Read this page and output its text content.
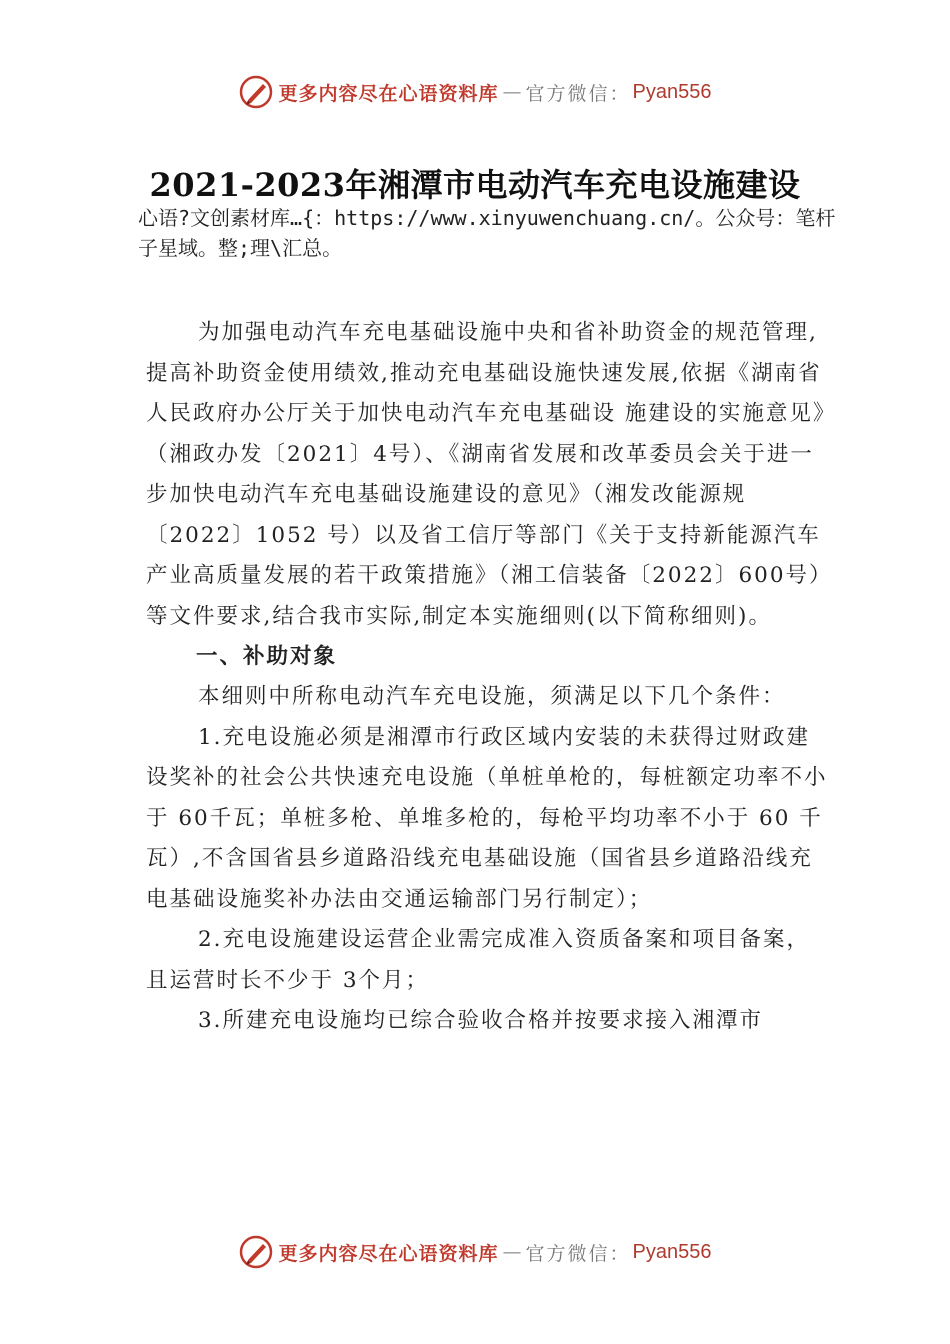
更多内容尽在心语资料库 — 官方微信： Pyan556
2021-2023年湘潭市电动汽车充电设施建设
心语?文创素材库…{：https://www.xinyuwenchuang.cn/。公众号：笔杆子星域。整;理\汇总。

为加强电动汽车充电基础设施中央和省补助资金的规范管理,提高补助资金使用绩效,推动充电基础设施快速发展,依据《湖南省人民政府办公厅关于加快电动汽车充电基础设 施建设的实施意见》（湘政办发〔2021〕4号）、《湖南省发展和改革委员会关于进一步加快电动汽车充电基础设施建设的意见》（湘发改能源规〔2022〕1052 号）以及省工信厅等部门《关于支持新能源汽车产业高质量发展的若干政策措施》（湘工信装备〔2022〕600号）等文件要求,结合我市实际,制定本实施细则(以下简称细则)。

一、补助对象

本细则中所称电动汽车充电设施，须满足以下几个条件：

1.充电设施必须是湘潭市行政区域内安装的未获得过财政建设奖补的社会公共快速充电设施（单桩单枪的，每桩额定功率不小于 60千瓦；单桩多枪、单堆多枪的，每枪平均功率不小于 60 千瓦）,不含国省县乡道路沿线充电基础设施（国省县乡道路沿线充电基础设施奖补办法由交通运输部门另行制定）；

2.充电设施建设运营企业需完成准入资质备案和项目备案，且运营时长不少于 3个月；

3.所建充电设施均已综合验收合格并按要求接入湘潭市

更多内容尽在心语资料库 — 官方微信： Pyan556
